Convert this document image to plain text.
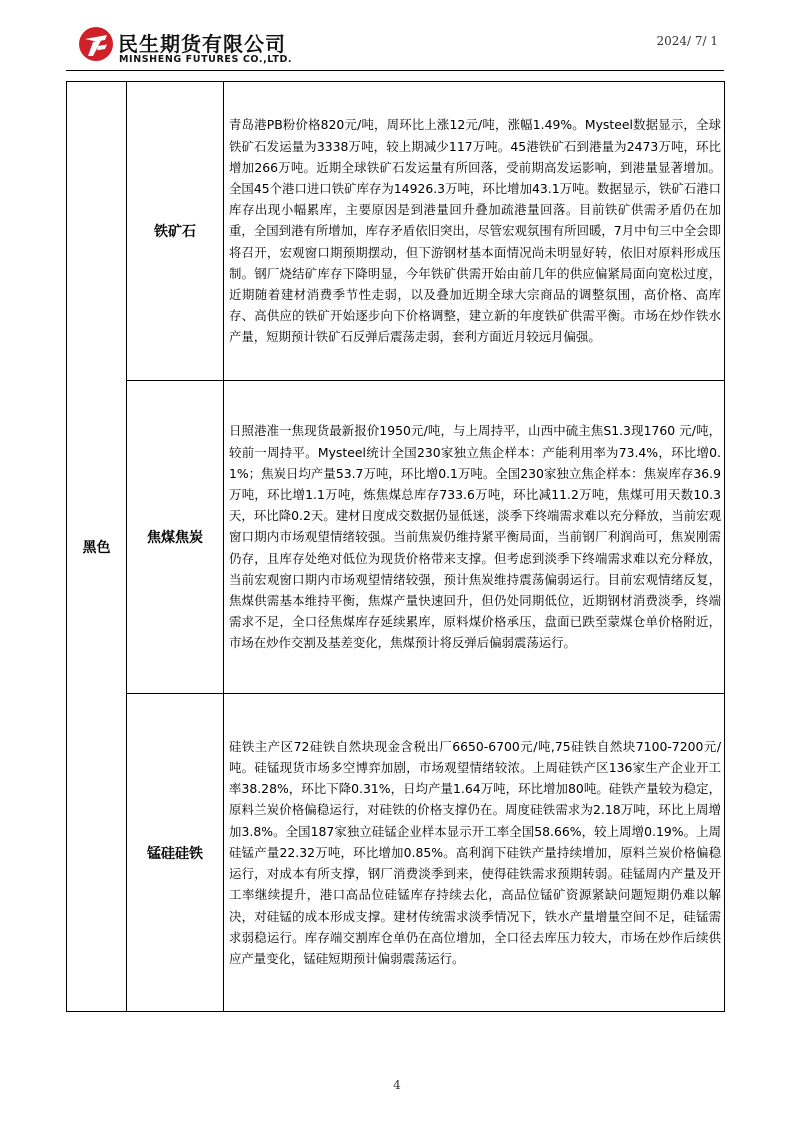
民生期货有限公司
MINSHENG FUTURES CO.,LTD.
2024/ 7/ 1
黑色	铁矿石	青岛港PB粉价格820元/吨，周环比上涨12元/吨，涨幅1.49%。Mysteel数据显示，全球铁矿石发运量为3338万吨，较上期减少117万吨。45港铁矿石到港量为2473万吨，环比增加266万吨。近期全球铁矿石发运量有所回落，受前期高发运影响，到港量显著增加。全国45个港口进口铁矿库存为14926.3万吨，环比增加43.1万吨。数据显示，铁矿石港口库存出现小幅累库，主要原因是到港量回升叠加疏港量回落。目前铁矿供需矛盾仍在加重，全国到港有所增加，库存矛盾依旧突出，尽管宏观氛围有所回暖，7月中旬三中全会即将召开，宏观窗口期预期摆动，但下游钢材基本面情况尚未明显好转，依旧对原料形成压制。钢厂烧结矿库存下降明显，今年铁矿供需开始由前几年的供应偏紧局面向宽松过度，近期随着建材消费季节性走弱，以及叠加近期全球大宗商品的调整氛围，高价格、高库存、高供应的铁矿开始逐步向下价格调整，建立新的年度铁矿供需平衡。市场在炒作铁水产量，短期预计铁矿石反弹后震荡走弱，套利方面近月较远月偏强。
	焦煤焦炭	日照港准一焦现货最新报价1950元/吨，与上周持平，山西中硫主焦S1.3现1760 元/吨，较前一周持平。Mysteel统计全国230家独立焦企样本：产能利用率为73.4%，环比增0.1%；焦炭日均产量53.7万吨，环比增0.1万吨。全国230家独立焦企样本：焦炭库存36.9万吨，环比增1.1万吨，炼焦煤总库存733.6万吨，环比减11.2万吨，焦煤可用天数10.3天，环比降0.2天。建材日度成交数据仍显低迷，淡季下终端需求难以充分释放，当前宏观窗口期内市场观望情绪较强。当前焦炭仍维持紧平衡局面，当前钢厂利润尚可，焦炭刚需仍存，且库存处绝对低位为现货价格带来支撑。但考虑到淡季下终端需求难以充分释放，当前宏观窗口期内市场观望情绪较强，预计焦炭维持震荡偏弱运行。目前宏观情绪反复，焦煤供需基本维持平衡，焦煤产量快速回升，但仍处同期低位，近期钢材消费淡季，终端需求不足，全口径焦煤库存延续累库，原料煤价格承压，盘面已跌至蒙煤仓单价格附近，市场在炒作交割及基差变化，焦煤预计将反弹后偏弱震荡运行。
	锰硅硅铁	硅铁主产区72硅铁自然块现金含税出厂6650-6700元/吨,75硅铁自然块7100-7200元/吨。硅锰现货市场多空博弈加剧，市场观望情绪较浓。上周硅铁产区136家生产企业开工率38.28%，环比下降0.31%，日均产量1.64万吨，环比增加80吨。硅铁产量较为稳定，原料兰炭价格偏稳运行，对硅铁的价格支撑仍在。周度硅铁需求为2.18万吨，环比上周增加3.8%。全国187家独立硅锰企业样本显示开工率全国58.66%，较上周增0.19%。上周硅锰产量22.32万吨，环比增加0.85%。高利润下硅铁产量持续增加，原料兰炭价格偏稳运行，对成本有所支撑，钢厂消费淡季到来，使得硅铁需求预期转弱。硅锰周内产量及开工率继续提升，港口高品位硅锰库存持续去化，高品位锰矿资源紧缺问题短期仍难以解决，对硅锰的成本形成支撑。建材传统需求淡季情况下，铁水产量增量空间不足，硅锰需求弱稳运行。库存端交割库仓单仍在高位增加，全口径去库压力较大，市场在炒作后续供应产量变化，锰硅短期预计偏弱震荡运行。
4
